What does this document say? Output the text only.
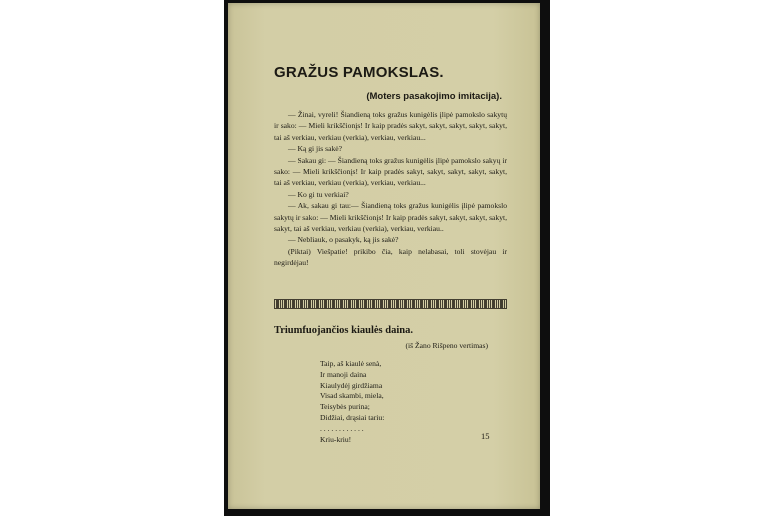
GRAŽUS PAMOKSLAS.
(Moters pasakojimo imitacija).

— Žinai, vyreli! Šiandieną toks gražus kunigėlis įlipė pamokslo sakytų ir sako: — Mieli krikščionįs! Ir kaip pradės sakyt, sakyt, sakyt, sakyt, sakyt, tai aš verkiau, verkiau (verkia), verkiau, verkiau...

— Ką gi jis sakė?

— Sakau gi: — Šiandieną toks gražus kunigėlis įlipė pamokslo sakyų ir sako: — Mieli krikščionįs! Ir kaip pradės sakyt, sakyt, sakyt, sakyt, sakyt, tai aš verkiau, verkiau (verkia), verkiau, verkiau...

— Ko gi tu verkiai?

— Ak, sakau gi tau:— Šiandieną toks gražus kunigėlis įlipė pamokslo sakytų ir sako: — Mieli krikščionįs! Ir kaip pradės sakyt, sakyt, sakyt, sakyt, sakyt, tai aš verkiau, verkiau (verkia), verkiau, verkiau..

— Nebliauk, o pasakyk, ką jis sakė?

(Piktai) Viešpatie! prikibo čia, kaip nelabasai, toli stovėjau ir negirdėjau!

Triumfuojančios kiaulės daina.
(iš Žano Rišpeno vertimas)
Taip, aš kiaulė senà,
Ir manoji daina
Kiaulydėj girdžiama
Visad skambi, miela,
Teisybės purina;
Didžiai, drąsiai tariu:
. . . . . . . . . . . .
Kriu-kriu!	15
